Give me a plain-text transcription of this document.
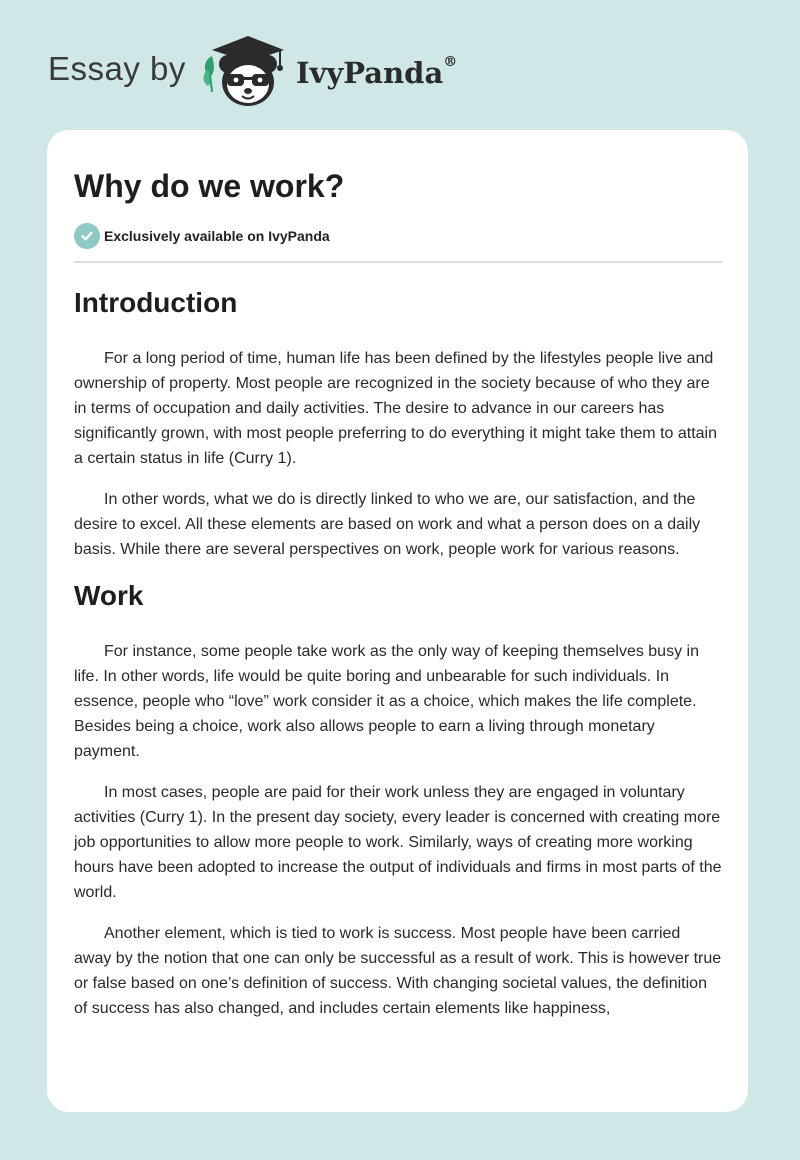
Essay by	IvyPanda®
Why do we work?
Exclusively available on IvyPanda
Introduction

For a long period of time, human life has been defined by the lifestyles people live and ownership of property. Most people are recognized in the society because of who they are in terms of occupation and daily activities. The desire to advance in our careers has significantly grown, with most people preferring to do everything it might take them to attain a certain status in life (Curry 1).

In other words, what we do is directly linked to who we are, our satisfaction, and the desire to excel. All these elements are based on work and what a person does on a daily basis. While there are several perspectives on work, people work for various reasons.

Work

For instance, some people take work as the only way of keeping themselves busy in life. In other words, life would be quite boring and unbearable for such individuals. In essence, people who “love” work consider it as a choice, which makes the life complete. Besides being a choice, work also allows people to earn a living through monetary payment.

In most cases, people are paid for their work unless they are engaged in voluntary activities (Curry 1). In the present day society, every leader is concerned with creating more job opportunities to allow more people to work. Similarly, ways of creating more working hours have been adopted to increase the output of individuals and firms in most parts of the world.

Another element, which is tied to work is success. Most people have been carried away by the notion that one can only be successful as a result of work. This is however true or false based on one’s definition of success. With changing societal values, the definition of success has also changed, and includes certain elements like happiness,
